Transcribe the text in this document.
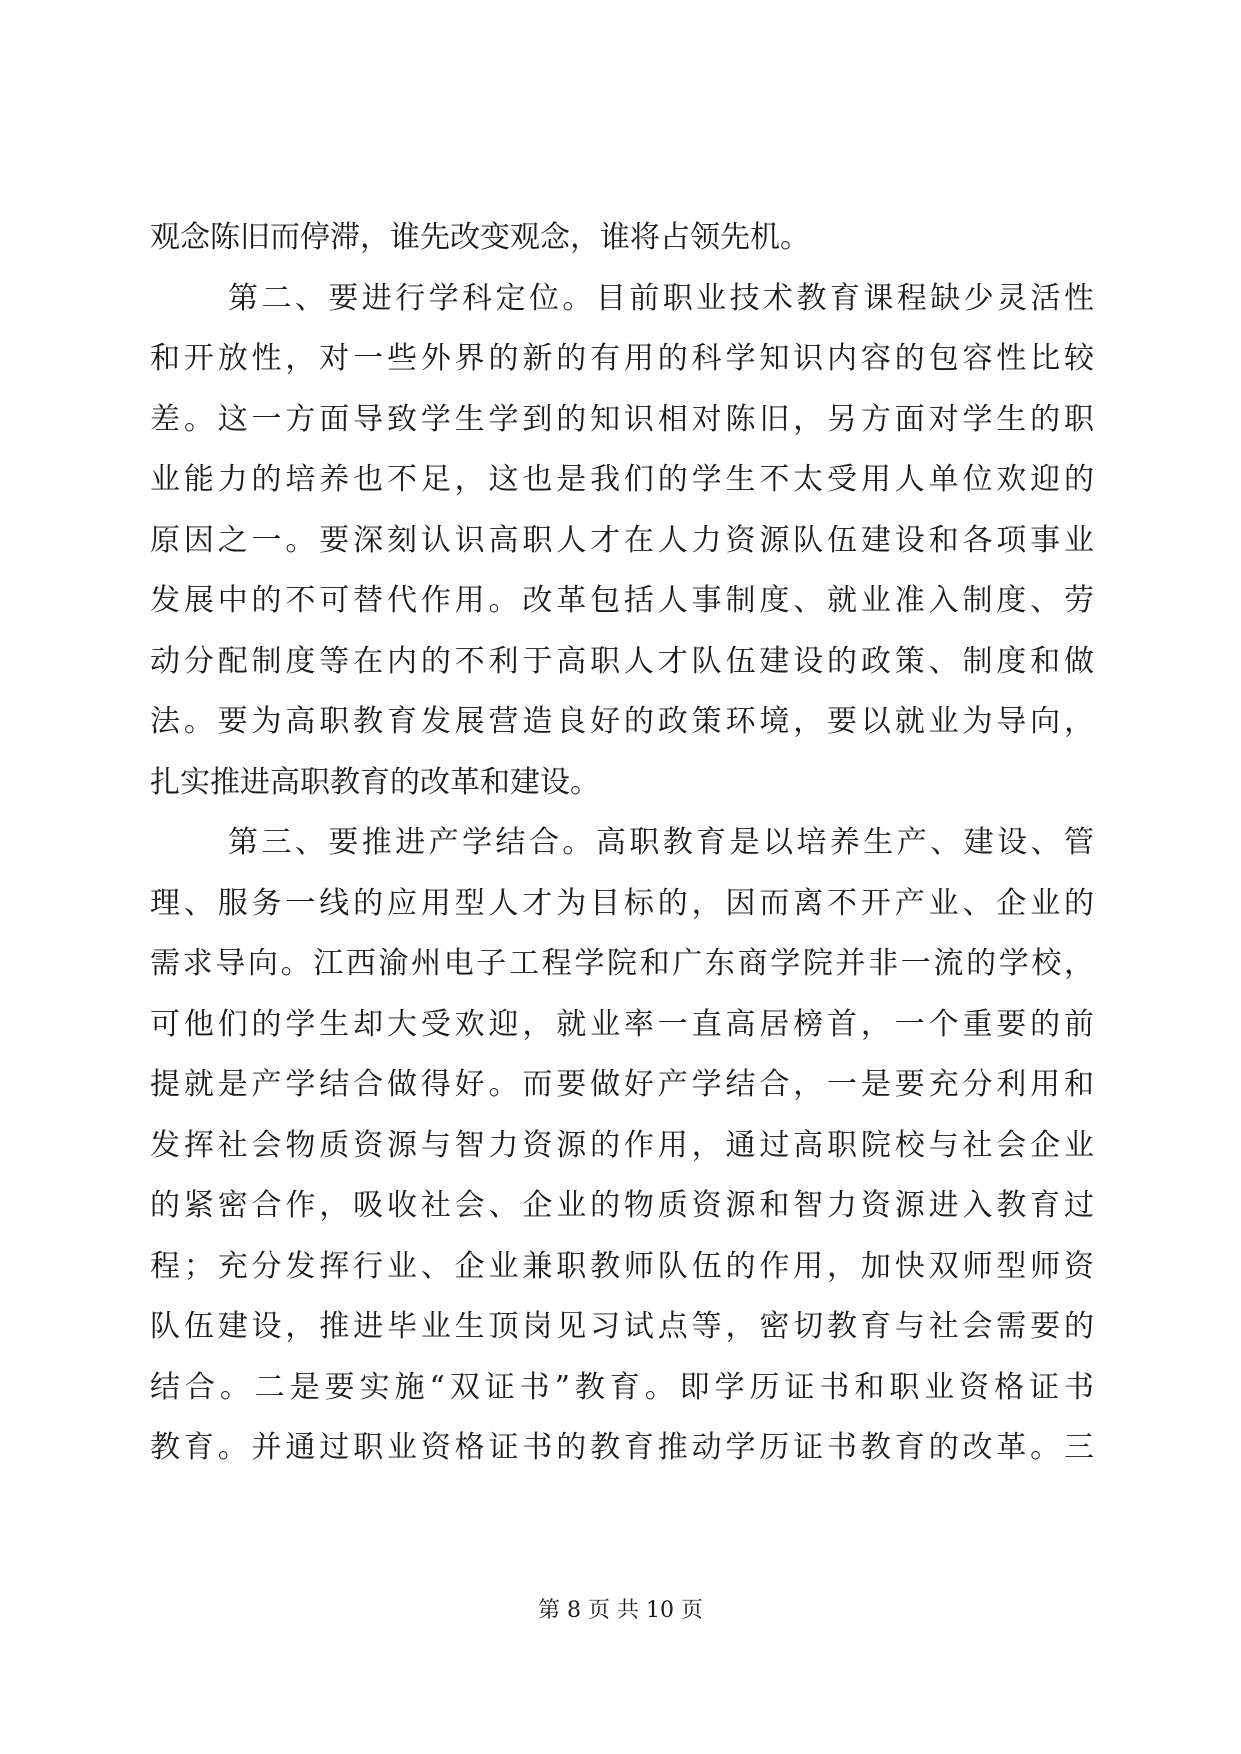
观念陈旧而停滞，谁先改变观念，谁将占领先机。
第二、要进行学科定位。目前职业技术教育课程缺少灵活性
和开放性，对一些外界的新的有用的科学知识内容的包容性比较
差。这一方面导致学生学到的知识相对陈旧，另方面对学生的职
业能力的培养也不足，这也是我们的学生不太受用人单位欢迎的
原因之一。要深刻认识高职人才在人力资源队伍建设和各项事业
发展中的不可替代作用。改革包括人事制度、就业准入制度、劳
动分配制度等在内的不利于高职人才队伍建设的政策、制度和做
法。要为高职教育发展营造良好的政策环境，要以就业为导向，
扎实推进高职教育的改革和建设。
第三、要推进产学结合。高职教育是以培养生产、建设、管
理、服务一线的应用型人才为目标的，因而离不开产业、企业的
需求导向。江西渝州电子工程学院和广东商学院并非一流的学校，
可他们的学生却大受欢迎，就业率一直高居榜首，一个重要的前
提就是产学结合做得好。而要做好产学结合，一是要充分利用和
发挥社会物质资源与智力资源的作用，通过高职院校与社会企业
的紧密合作，吸收社会、企业的物质资源和智力资源进入教育过
程；充分发挥行业、企业兼职教师队伍的作用，加快双师型师资
队伍建设，推进毕业生顶岗见习试点等，密切教育与社会需要的
结合。二是要实施“双证书”教育。即学历证书和职业资格证书
教育。并通过职业资格证书的教育推动学历证书教育的改革。三
第 8 页 共 10 页
